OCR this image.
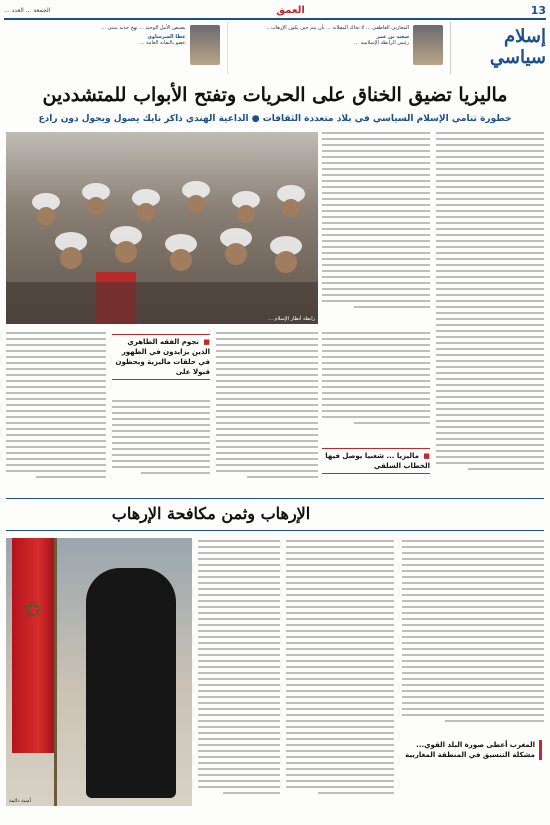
13
العمق
الجمعة ... العدد ...
إسلام سياسي
المغاربي العاطفي ... لا تحاك المقلاتة ... بأن يتم حين يكون الإرهاب...
سعيد بن عمر
رئيس الرابطة الإسلامية ...
بصيص الأمل الوحيد ... نهج جديد يتبنى ...
عطا السرساوي
عضو بالنقابة العامة ...
ماليزيا تضيق الخناق على الحريات وتفتح الأبواب للمتشددين
خطورة تنامي الإسلام السياسي في بلاد متعددة الثقافات ● الداعية الهندي ذاكر نايك يصول ويجول دون رادع
رابطة أنظار الإسلام ...
■ نجوم الفقه الظاهري الذين يزايدون في الظهور في حلقات ماليزية ويحظون قبولا على
■ ماليزيا ... شعبيا يوصل فيها الخطاب السلفي
الإرهاب وثمن مكافحة الإرهاب
✩
أمنية دائمة
المغرب أعطى صورة البلد القوي... مشكلة التنسيق في المنطقة المغاربية
